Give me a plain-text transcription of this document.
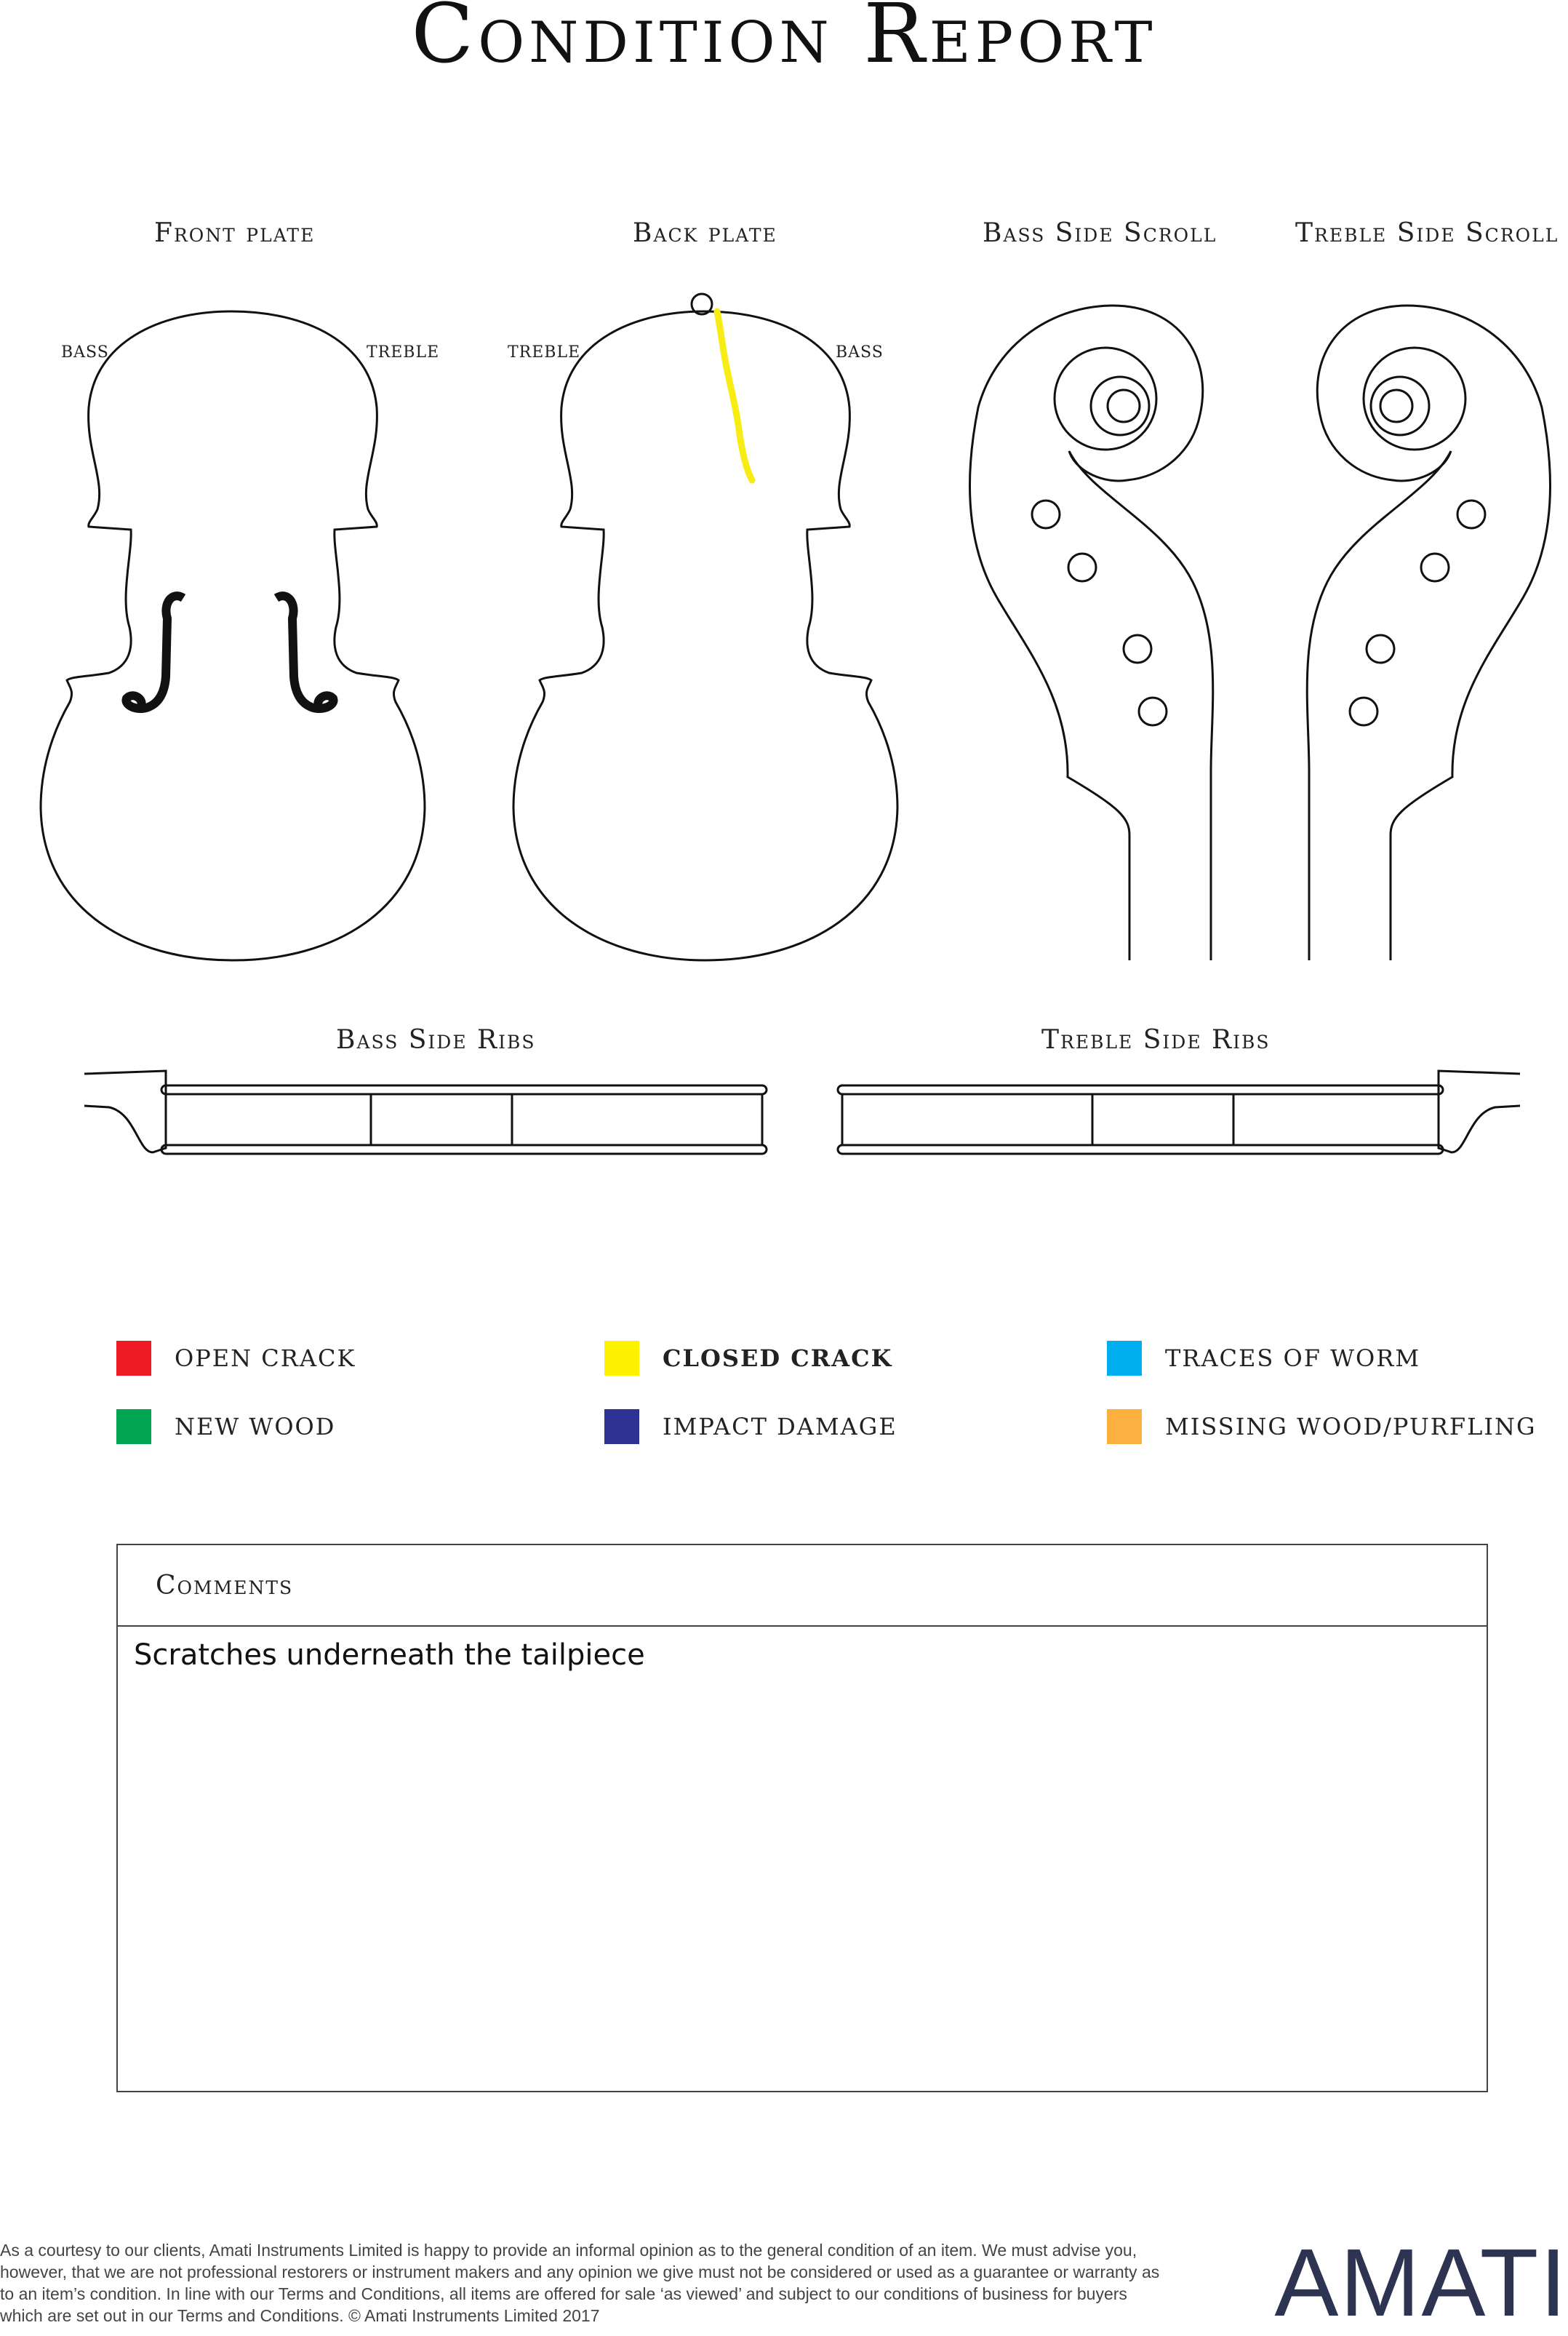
Condition Report
Front plate	Back plate	Bass Side Scroll	Treble Side Scroll
Bass Side Ribs	Treble Side Ribs
BASS	TREBLE	TREBLE	BASS
OPEN CRACK	CLOSED CRACK	TRACES OF WORM
NEW WOOD	IMPACT DAMAGE	MISSING WOOD/PURFLING
Comments
Scratches underneath the tailpiece
As a courtesy to our clients, Amati Instruments Limited is happy to provide an informal opinion as to the general condition of an item. We must advise you, however, that we are not professional restorers or instrument makers and any opinion we give must not be considered or used as a guarantee or warranty as to an item’s condition. In line with our Terms and Conditions, all items are offered for sale ‘as viewed’ and subject to our conditions of business for buyers which are set out in our Terms and Conditions. © Amati Instruments Limited 2017	AMATI
